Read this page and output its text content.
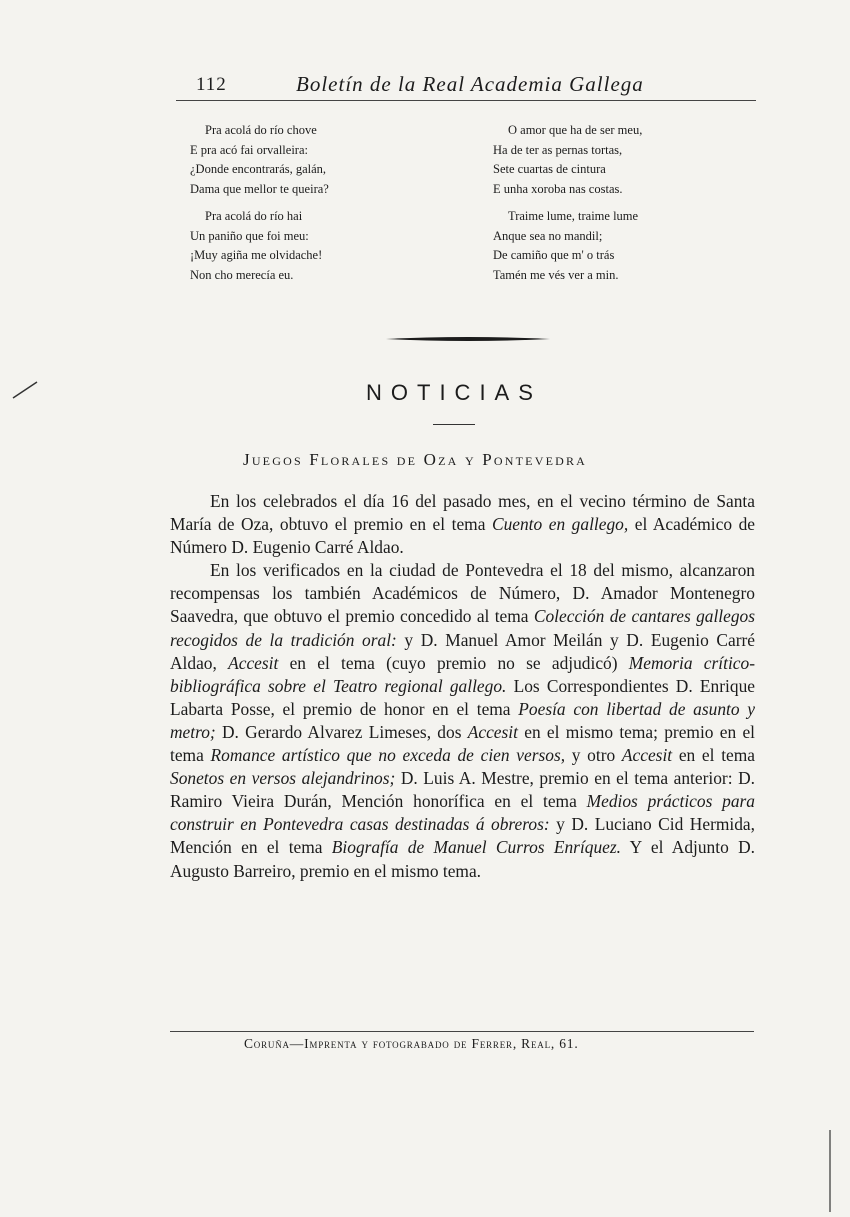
112	Boletín de la Real Academia Gallega
Pra acolá do río chove
E pra acó fai orvalleira:
¿Donde encontrarás, galán,
Dama que mellor te queira?
Pra acolá do río hai
Un paniño que foi meu:
¡Muy agiña me olvidache!
Non cho merecía eu.
O amor que ha de ser meu,
Ha de ter as pernas tortas,
Sete cuartas de cintura
E unha xoroba nas costas.
Traime lume, traime lume
Anque sea no mandil;
De camiño que m' o trás
Tamén me vés ver a min.
NOTICIAS
Juegos Florales de Oza y Pontevedra

En los celebrados el día 16 del pasado mes, en el vecino término de Santa María de Oza, obtuvo el premio en el tema Cuento en gallego, el Académico de Número D. Eugenio Carré Aldao.

En los verificados en la ciudad de Pontevedra el 18 del mismo, alcanzaron recompensas los también Académicos de Número, D. Amador Montenegro Saavedra, que obtuvo el premio concedido al tema Colección de cantares gallegos recogidos de la tradición oral: y D. Manuel Amor Meilán y D. Eugenio Carré Aldao, Accesit en el tema (cuyo premio no se adjudicó) Memoria crítico-bibliográfica sobre el Teatro regional gallego. Los Correspondientes D. Enrique Labarta Posse, el premio de honor en el tema Poesía con libertad de asunto y metro; D. Gerardo Alvarez Limeses, dos Accesit en el mismo tema; premio en el tema Romance artístico que no exceda de cien versos, y otro Accesit en el tema Sonetos en versos alejandrinos; D. Luis A. Mestre, premio en el tema anterior: D. Ramiro Vieira Durán, Mención honorífica en el tema Medios prácticos para construir en Pontevedra casas destinadas á obreros: y D. Luciano Cid Hermida, Mención en el tema Biografía de Manuel Curros Enríquez. Y el Adjunto D. Augusto Barreiro, premio en el mismo tema.

Coruña—Imprenta y fotograbado de Ferrer, Real, 61.
